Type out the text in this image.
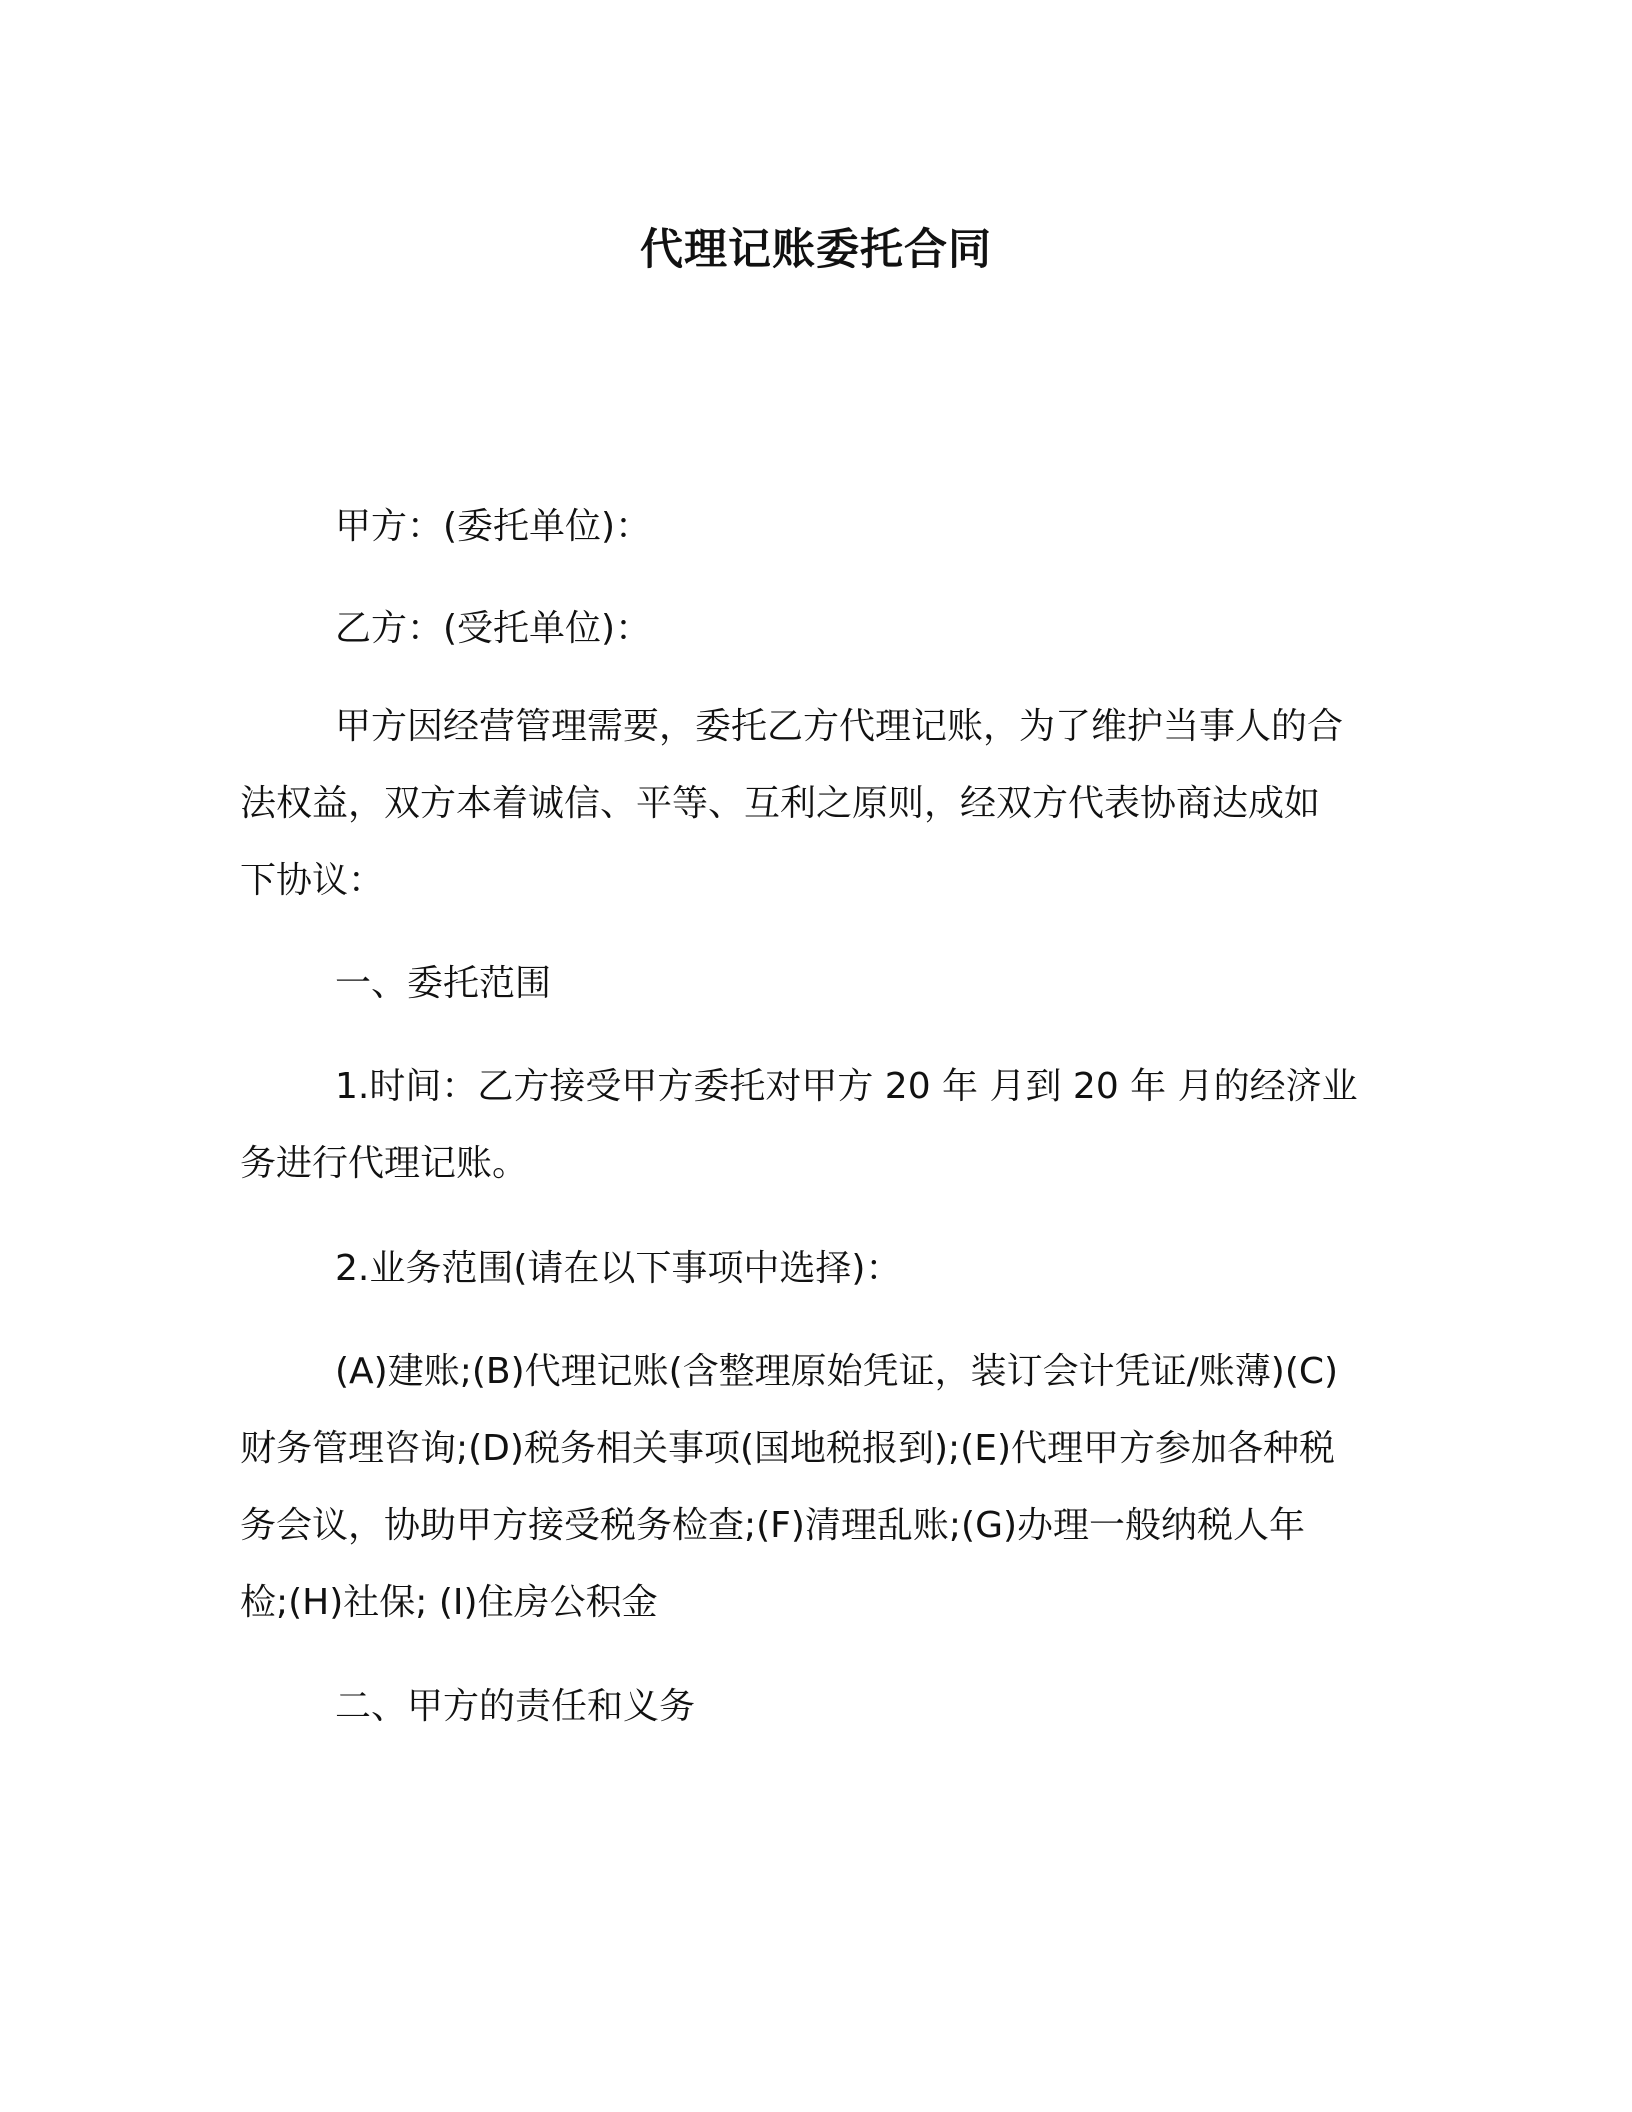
代理记账委托合同
甲方：(委托单位)：
乙方：(受托单位)：
甲方因经营管理需要，委托乙方代理记账，为了维护当事人的合
法权益，双方本着诚信、平等、互利之原则，经双方代表协商达成如
下协议：
一、委托范围
1.时间：乙方接受甲方委托对甲方 20 年 月到 20 年 月的经济业
务进行代理记账。
2.业务范围(请在以下事项中选择)：
(A)建账;(B)代理记账(含整理原始凭证，装订会计凭证/账薄)(C)
财务管理咨询;(D)税务相关事项(国地税报到);(E)代理甲方参加各种税
务会议，协助甲方接受税务检查;(F)清理乱账;(G)办理一般纳税人年
检;(H)社保; (I)住房公积金
二、甲方的责任和义务
